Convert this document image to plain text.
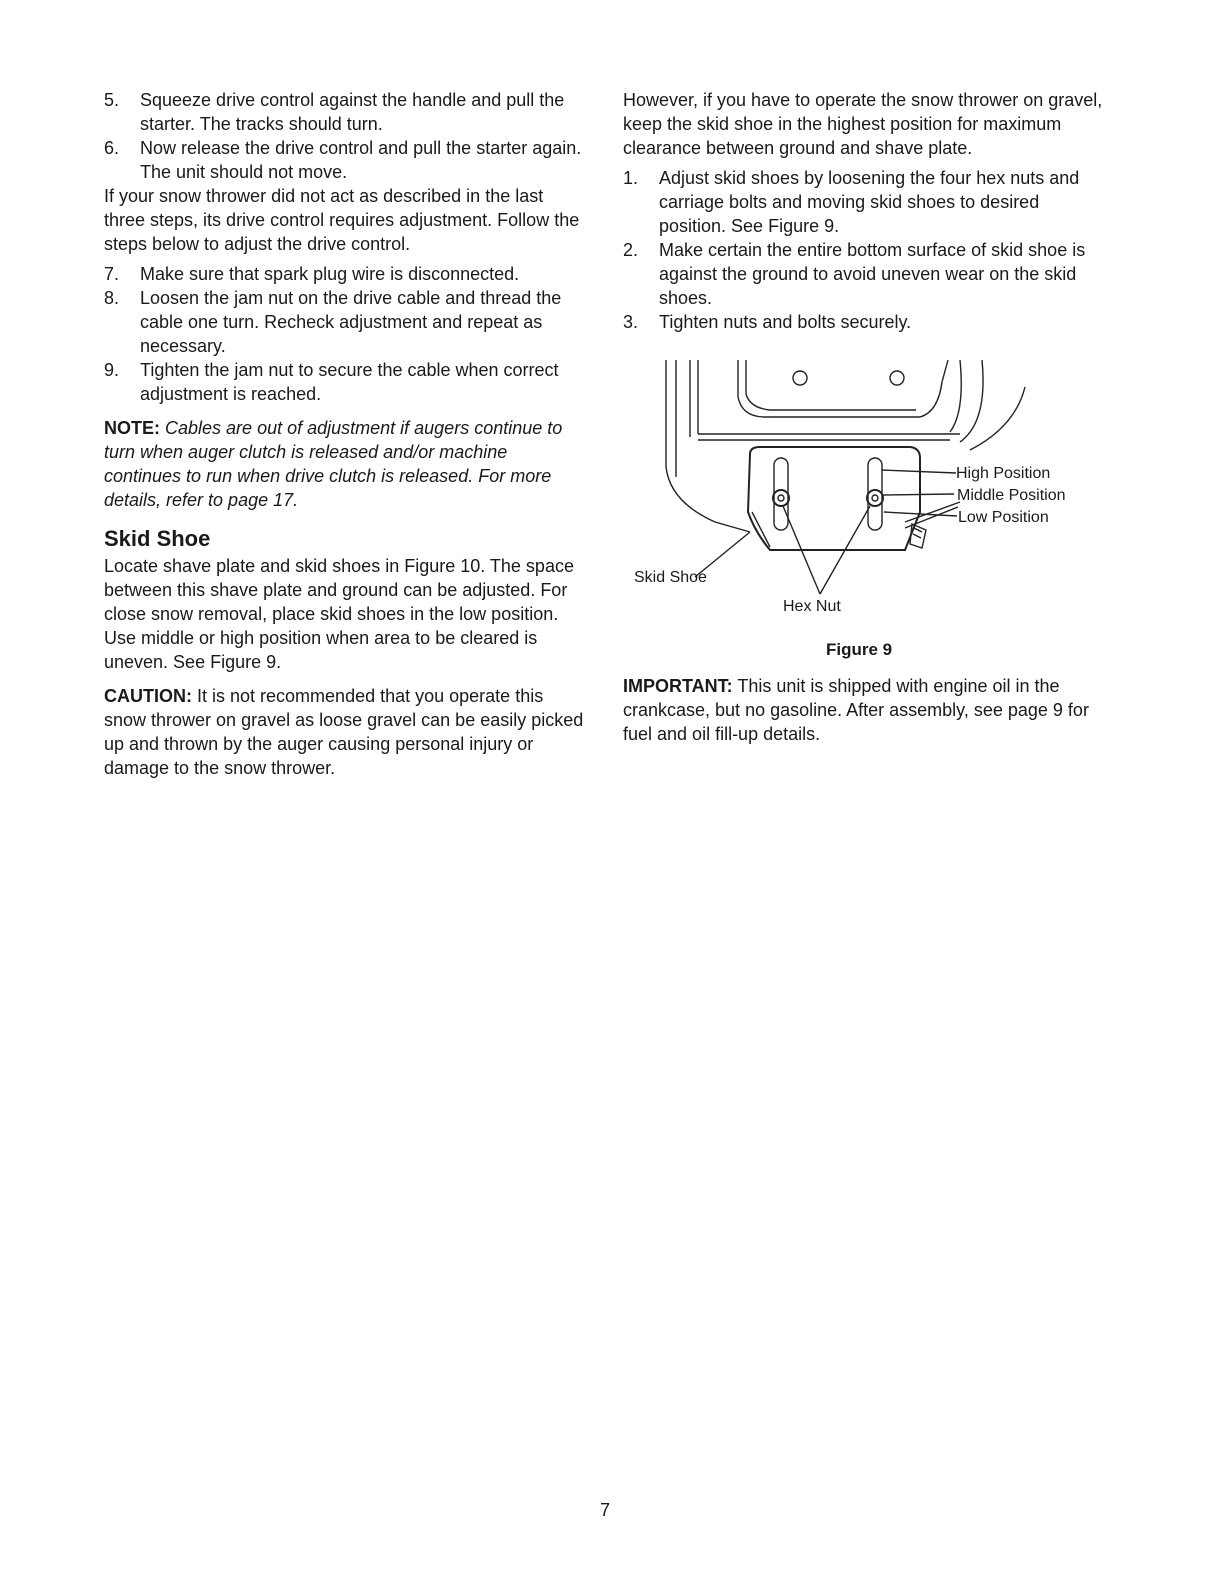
5.	Squeeze drive control against the handle and pull the starter. The tracks should turn.
6.	Now release the drive control and pull the starter again. The unit should not move.

If your snow thrower did not act as described in the last three steps, its drive control requires adjustment. Follow the steps below to adjust the drive control.

7.	Make sure that spark plug wire is disconnected.
8.	Loosen the jam nut on the drive cable and thread the cable one turn. Recheck adjustment and repeat as necessary.
9.	Tighten the jam nut to secure the cable when correct adjustment is reached.

NOTE: Cables are out of adjustment if augers continue to turn when auger clutch is released and/or machine continues to run when drive clutch is released. For more details, refer to page 17.

Skid Shoe

Locate shave plate and skid shoes in Figure 10. The space between this shave plate and ground can be adjusted. For close snow removal, place skid shoes in the low position. Use middle or high position when area to be cleared is uneven. See Figure 9.

CAUTION: It is not recommended that you operate this snow thrower on gravel as loose gravel can be easily picked up and thrown by the auger causing personal injury or damage to the snow thrower.

However, if you have to operate the snow thrower on gravel, keep the skid shoe in the highest position for maximum clearance between ground and shave plate.

1.	Adjust skid shoes by loosening the four hex nuts and carriage bolts and moving skid shoes to desired position. See Figure 9.
2.	Make certain the entire bottom surface of skid shoe is against the ground to avoid uneven wear on the skid shoes.
3.	Tighten nuts and bolts securely.
High Position
Middle Position
Low Position
Skid Shoe
Hex Nut
Figure 9

IMPORTANT: This unit is shipped with engine oil in the crankcase, but no gasoline. After assembly, see page 9 for fuel and oil fill-up details.

7
